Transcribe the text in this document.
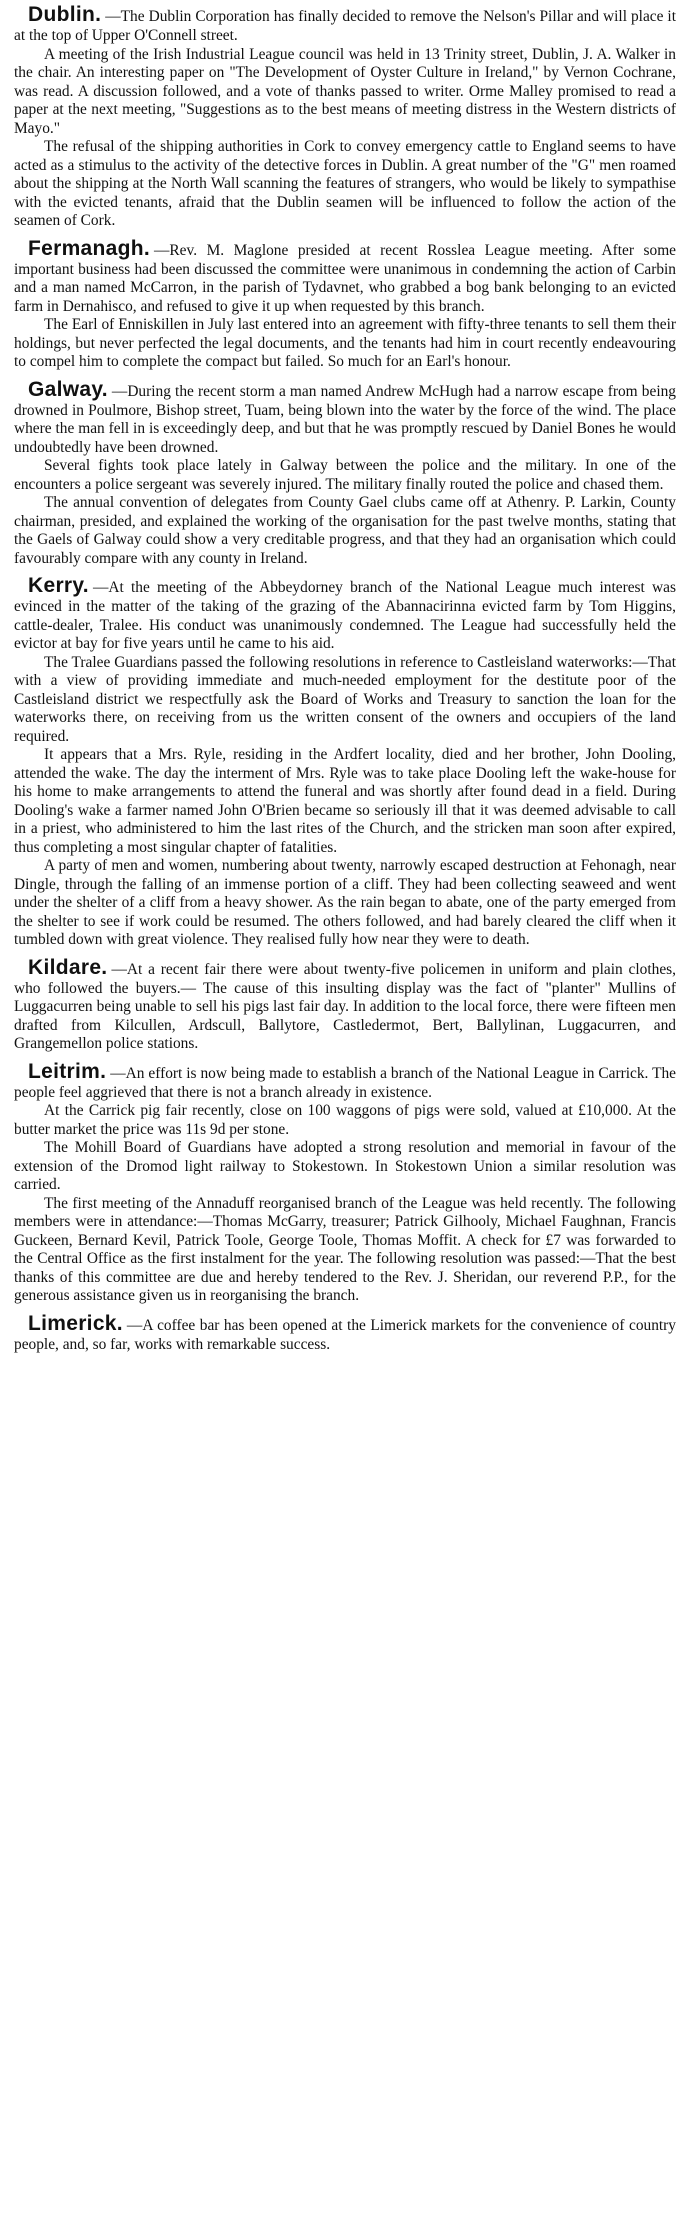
Dublin. —The Dublin Corporation has finally decided to remove the Nelson's Pillar and will place it at the top of Upper O'Connell street.

A meeting of the Irish Industrial League council was held in 13 Trinity street, Dublin, J. A. Walker in the chair. An interesting paper on "The Development of Oyster Culture in Ireland," by Vernon Cochrane, was read. A discussion followed, and a vote of thanks passed to writer. Orme Malley promised to read a paper at the next meeting, "Suggestions as to the best means of meeting distress in the Western districts of Mayo."

The refusal of the shipping authorities in Cork to convey emergency cattle to England seems to have acted as a stimulus to the activity of the detective forces in Dublin. A great number of the "G" men roamed about the shipping at the North Wall scanning the features of strangers, who would be likely to sympathise with the evicted tenants, afraid that the Dublin seamen will be influenced to follow the action of the seamen of Cork.

Fermanagh. —Rev. M. Maglone presided at recent Rosslea League meeting. After some important business had been discussed the committee were unanimous in condemning the action of Carbin and a man named McCarron, in the parish of Tydavnet, who grabbed a bog bank belonging to an evicted farm in Dernahisco, and refused to give it up when requested by this branch.

The Earl of Enniskillen in July last entered into an agreement with fifty-three tenants to sell them their holdings, but never perfected the legal documents, and the tenants had him in court recently endeavouring to compel him to complete the compact but failed. So much for an Earl's honour.

Galway. —During the recent storm a man named Andrew McHugh had a narrow escape from being drowned in Poulmore, Bishop street, Tuam, being blown into the water by the force of the wind. The place where the man fell in is exceedingly deep, and but that he was promptly rescued by Daniel Bones he would undoubtedly have been drowned.

Several fights took place lately in Galway between the police and the military. In one of the encounters a police sergeant was severely injured. The military finally routed the police and chased them.

The annual convention of delegates from County Gael clubs came off at Athenry. P. Larkin, County chairman, presided, and explained the working of the organisation for the past twelve months, stating that the Gaels of Galway could show a very creditable progress, and that they had an organisation which could favourably compare with any county in Ireland.

Kerry. —At the meeting of the Abbeydorney branch of the National League much interest was evinced in the matter of the taking of the grazing of the Abannacirinna evicted farm by Tom Higgins, cattle-dealer, Tralee. His conduct was unanimously condemned. The League had successfully held the evictor at bay for five years until he came to his aid.

The Tralee Guardians passed the following resolutions in reference to Castleisland waterworks:—That with a view of providing immediate and much-needed employment for the destitute poor of the Castleisland district we respectfully ask the Board of Works and Treasury to sanction the loan for the waterworks there, on receiving from us the written consent of the owners and occupiers of the land required.

It appears that a Mrs. Ryle, residing in the Ardfert locality, died and her brother, John Dooling, attended the wake. The day the interment of Mrs. Ryle was to take place Dooling left the wake-house for his home to make arrangements to attend the funeral and was shortly after found dead in a field. During Dooling's wake a farmer named John O'Brien became so seriously ill that it was deemed advisable to call in a priest, who administered to him the last rites of the Church, and the stricken man soon after expired, thus completing a most singular chapter of fatalities.

A party of men and women, numbering about twenty, narrowly escaped destruction at Fehonagh, near Dingle, through the falling of an immense portion of a cliff. They had been collecting seaweed and went under the shelter of a cliff from a heavy shower. As the rain began to abate, one of the party emerged from the shelter to see if work could be resumed. The others followed, and had barely cleared the cliff when it tumbled down with great violence. They realised fully how near they were to death.

Kildare. —At a recent fair there were about twenty-five policemen in uniform and plain clothes, who followed the buyers.— The cause of this insulting display was the fact of "planter" Mullins of Luggacurren being unable to sell his pigs last fair day. In addition to the local force, there were fifteen men drafted from Kilcullen, Ardscull, Ballytore, Castledermot, Bert, Ballylinan, Luggacurren, and Grangemellon police stations.

Leitrim. —An effort is now being made to establish a branch of the National League in Carrick. The people feel aggrieved that there is not a branch already in existence.

At the Carrick pig fair recently, close on 100 waggons of pigs were sold, valued at £10,000. At the butter market the price was 11s 9d per stone.

The Mohill Board of Guardians have adopted a strong resolution and memorial in favour of the extension of the Dromod light railway to Stokestown. In Stokestown Union a similar resolution was carried.

The first meeting of the Annaduff reorganised branch of the League was held recently. The following members were in attendance:—Thomas McGarry, treasurer; Patrick Gilhooly, Michael Faughnan, Francis Guckeen, Bernard Kevil, Patrick Toole, George Toole, Thomas Moffit. A check for £7 was forwarded to the Central Office as the first instalment for the year. The following resolution was passed:—That the best thanks of this committee are due and hereby tendered to the Rev. J. Sheridan, our reverend P.P., for the generous assistance given us in reorganising the branch.

Limerick. —A coffee bar has been opened at the Limerick markets for the convenience of country people, and, so far, works with remarkable success.
